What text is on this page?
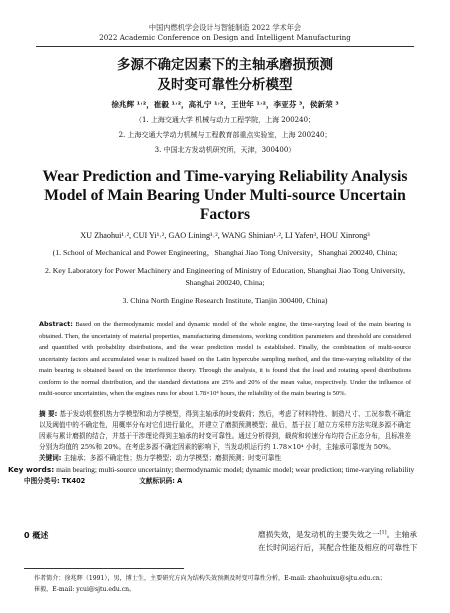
中国内燃机学会设计与智能制造 2022 学术年会
2022 Academic Conference on Design and Intelligent Manufacturing
多源不确定因素下的主轴承磨损预测
及时变可靠性分析模型
徐兆辉 ¹˒²，崔毅 ¹˒²，高礼宁 ¹˒²，王世年 ¹˒²，李亚芬 ³，侯新荣 ³
（1. 上海交通大学 机械与动力工程学院，上海 200240；
2. 上海交通大学动力机械与工程教育部重点实验室，上海 200240；
3. 中国北方发动机研究所，天津，300400）
Wear Prediction and Time-varying Reliability Analysis Model of Main Bearing Under Multi-source Uncertain Factors
XU Zhaohui¹˒², CUI Yi¹˒², GAO Lining¹˒², WANG Shinian¹˒², LI Yafen³, HOU Xinrong³
(1. School of Mechanical and Power Engineering，Shanghai Jiao Tong University，Shanghai 200240, China;
2. Key Laboratory for Power Machinery and Engineering of Ministry of Education, Shanghai Jiao Tong University, Shanghai 200240, China;
3. China North Engine Research Institute, Tianjin 300400, China)
Abstract: Based on the thermodynamic model and dynamic model of the whole engine, the time-varying load of the main bearing is obtained. Then, the uncertainty of material properties, manufacturing dimensions, working condition parameters and threshold are considered and quantified with probability distributions, and the wear prediction model is established. Finally, the combination of multi-source uncertainty factors and accumulated wear is realized based on the Latin hypercube sampling method, and the time-varying reliability of the main bearing is obtained based on the interference theory. Through the analysis, it is found that the load and rotating speed distributions conform to the normal distribution, and the standard deviations are 25% and 20% of the mean value, respectively. Under the influence of multi-source uncertainties, when the engines runs for about 1.78×10⁴ hours, the reliability of the main bearing is 50%.
摘 要: 基于发动机整机热力学模型和动力学模型，得到主轴承的时变载荷；然后，考虑了材料特性、制造尺寸、工况参数不确定以及阈值中的不确定性，用概率分布对它们进行量化，并建立了磨损预测模型；最后，基于拉丁超立方采样方法实现多源不确定因素与累计磨损的结合，并基于干涉理论得到主轴承的时变可靠性。通过分析得到，载荷和转速分布均符合正态分布，且标准差分别为均值的 25%和 20%。在考虑多源不确定因素的影响下，当发动机运行约 1.78×10⁴ 小时，主轴承可靠度为 50%。
关键词: 主轴承；多源不确定性；热力学模型；动力学模型；磨损预测；时变可靠性
Key words: main bearing; multi-source uncertainty; thermodynamic model; dynamic model; wear prediction; time-varying reliability
中图分类号: TK402	文献标识码: A
0 概述	磨损失效，是发动机的主要失效之一[1]。主轴承在长时间运行后，其配合性能及相应的可靠性下
作者简介：徐兆辉（1991），男，博士生，主要研究方向为结构失效预测及时变可靠性分析，E-mail: zhaohuixu@sjtu.edu.cn；
崔毅，E-mail: ycui@sjtu.edu.cn。
